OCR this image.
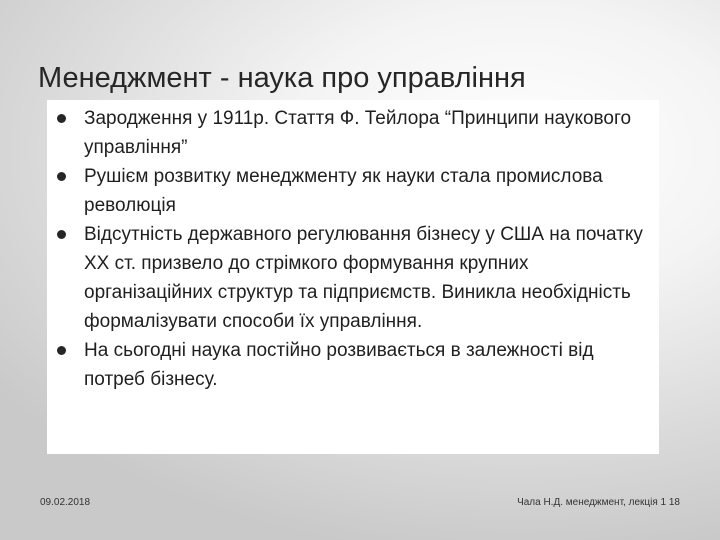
Менеджмент - наука про управління
Зародження у 1911р. Стаття Ф. Тейлора “Принципи наукового управління”
Рушієм розвитку менеджменту як науки стала промислова революція
Відсутність державного регулювання бізнесу у США на початку XX ст. призвело до стрімкого формування крупних організаційних структур та підприємств. Виникла необхідність формалізувати способи їх управління.
На сьогодні наука постійно розвивається в залежності від потреб бізнесу.
09.02.2018	Чала Н.Д. менеджмент, лекція 1 18
